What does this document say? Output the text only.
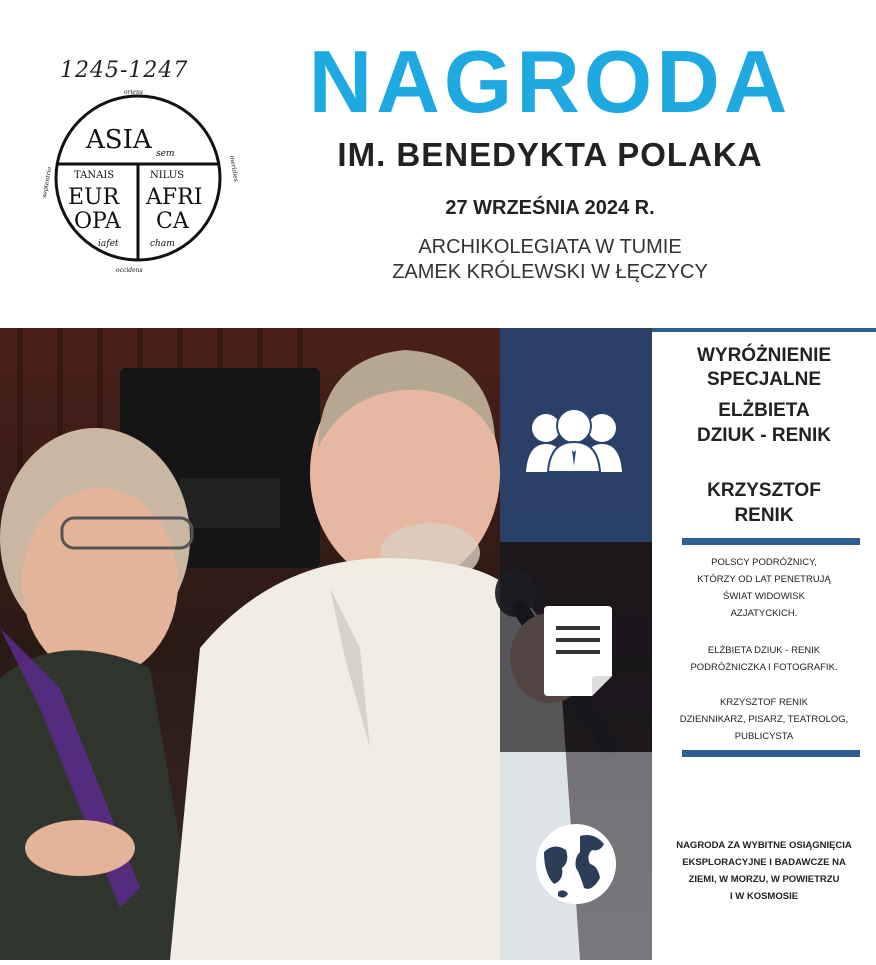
1245-1247
ASIA sem
TANAIS	NILUS
EUR
OPA
AFRI
CA
iafet	cham
oriens
occidens
septentrio	meridies
NAGRODA
IM. BENEDYKTA POLAKA
27 WRZEŚNIA 2024 R.
ARCHIKOLEGIATA W TUMIE
ZAMEK KRÓLEWSKI W ŁĘCZYCY
WYRÓŻNIENIE
SPECJALNE
ELŻBIETA
DZIUK - RENIK
KRZYSZTOF
RENIK
POLSCY PODRÓŻNICY,
KTÓRZY OD LAT PENETRUJĄ
ŚWIAT WIDOWISK
AZJATYCKICH.
ELŻBIETA DZIUK - RENIK
PODRÓŻNICZKA I FOTOGRAFIK.
KRZYSZTOF RENIK
DZIENNIKARZ, PISARZ, TEATROLOG,
PUBLICYSTA
NAGRODA ZA WYBITNE OSIĄGNIĘCIA
EKSPLORACYJNE I BADAWCZE NA
ZIEMI, W MORZU, W POWIETRZU
I W KOSMOSIE
